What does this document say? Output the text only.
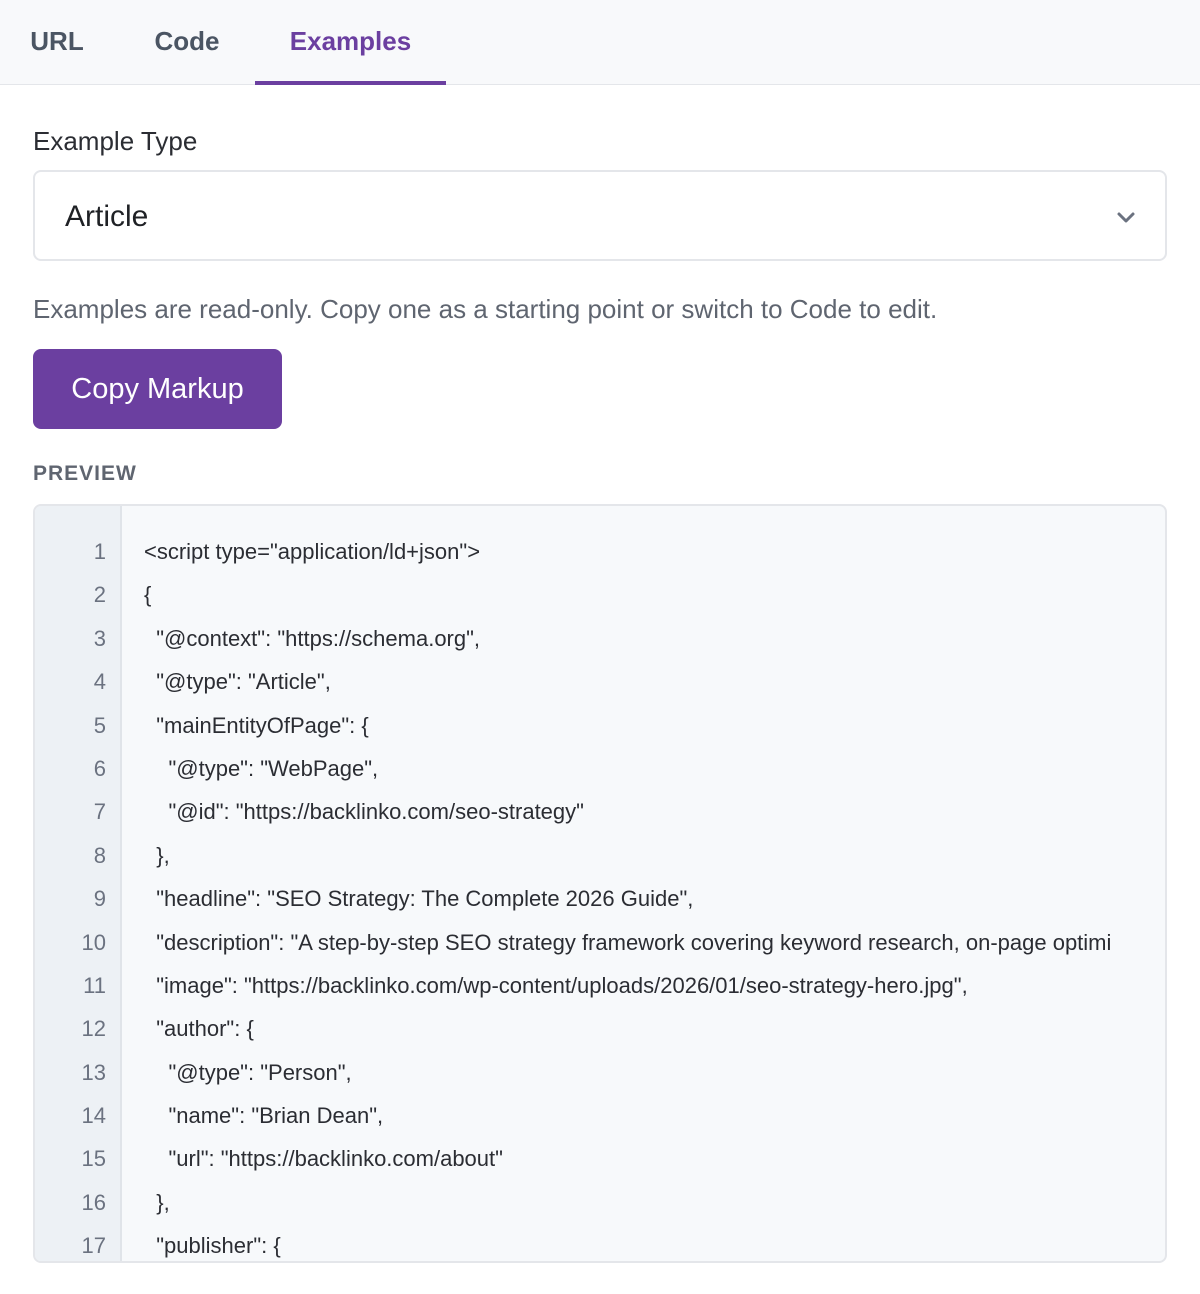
URL	Code	Examples
Example Type
Article
Examples are read-only. Copy one as a starting point or switch to Code to edit.
Copy Markup
PREVIEW
1 <script type="application/ld+json">
2 {
3 "@context": "https://schema.org",
4 "@type": "Article",
5 "mainEntityOfPage": {
6 "@type": "WebPage",
7 "@id": "https://backlinko.com/seo-strategy"
8 },
9 "headline": "SEO Strategy: The Complete 2026 Guide",
10 "description": "A step-by-step SEO strategy framework covering keyword research, on-page optimi
11 "image": "https://backlinko.com/wp-content/uploads/2026/01/seo-strategy-hero.jpg",
12 "author": {
13 "@type": "Person",
14 "name": "Brian Dean",
15 "url": "https://backlinko.com/about"
16 },
17 "publisher": {
